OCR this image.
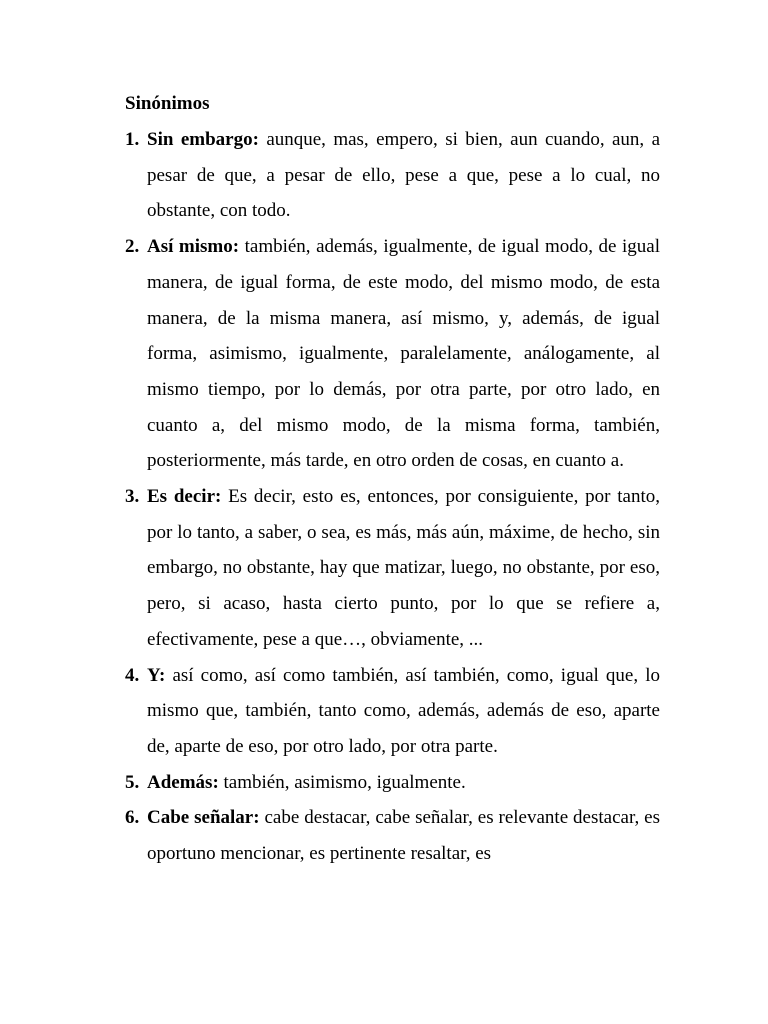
Sinónimos

1. Sin embargo: aunque, mas, empero, si bien, aun cuando, aun, a pesar de que, a pesar de ello, pese a que, pese a lo cual, no obstante, con todo.
2. Así mismo: también, además, igualmente, de igual modo, de igual manera, de igual forma, de este modo, del mismo modo, de esta manera, de la misma manera, así mismo, y, además, de igual forma, asimismo, igualmente, paralelamente, análogamente, al mismo tiempo, por lo demás, por otra parte, por otro lado, en cuanto a, del mismo modo, de la misma forma, también, posteriormente, más tarde, en otro orden de cosas, en cuanto a.
3. Es decir: Es decir, esto es, entonces, por consiguiente, por tanto, por lo tanto, a saber, o sea, es más, más aún, máxime, de hecho, sin embargo, no obstante, hay que matizar, luego, no obstante, por eso, pero, si acaso, hasta cierto punto, por lo que se refiere a, efectivamente, pese a que…, obviamente, ...
4. Y: así como, así como también, así también, como, igual que, lo mismo que, también, tanto como, además, además de eso, aparte de, aparte de eso, por otro lado, por otra parte.
5. Además: también, asimismo, igualmente.
6. Cabe señalar: cabe destacar, cabe señalar, es relevante destacar, es oportuno mencionar, es pertinente resaltar, es
